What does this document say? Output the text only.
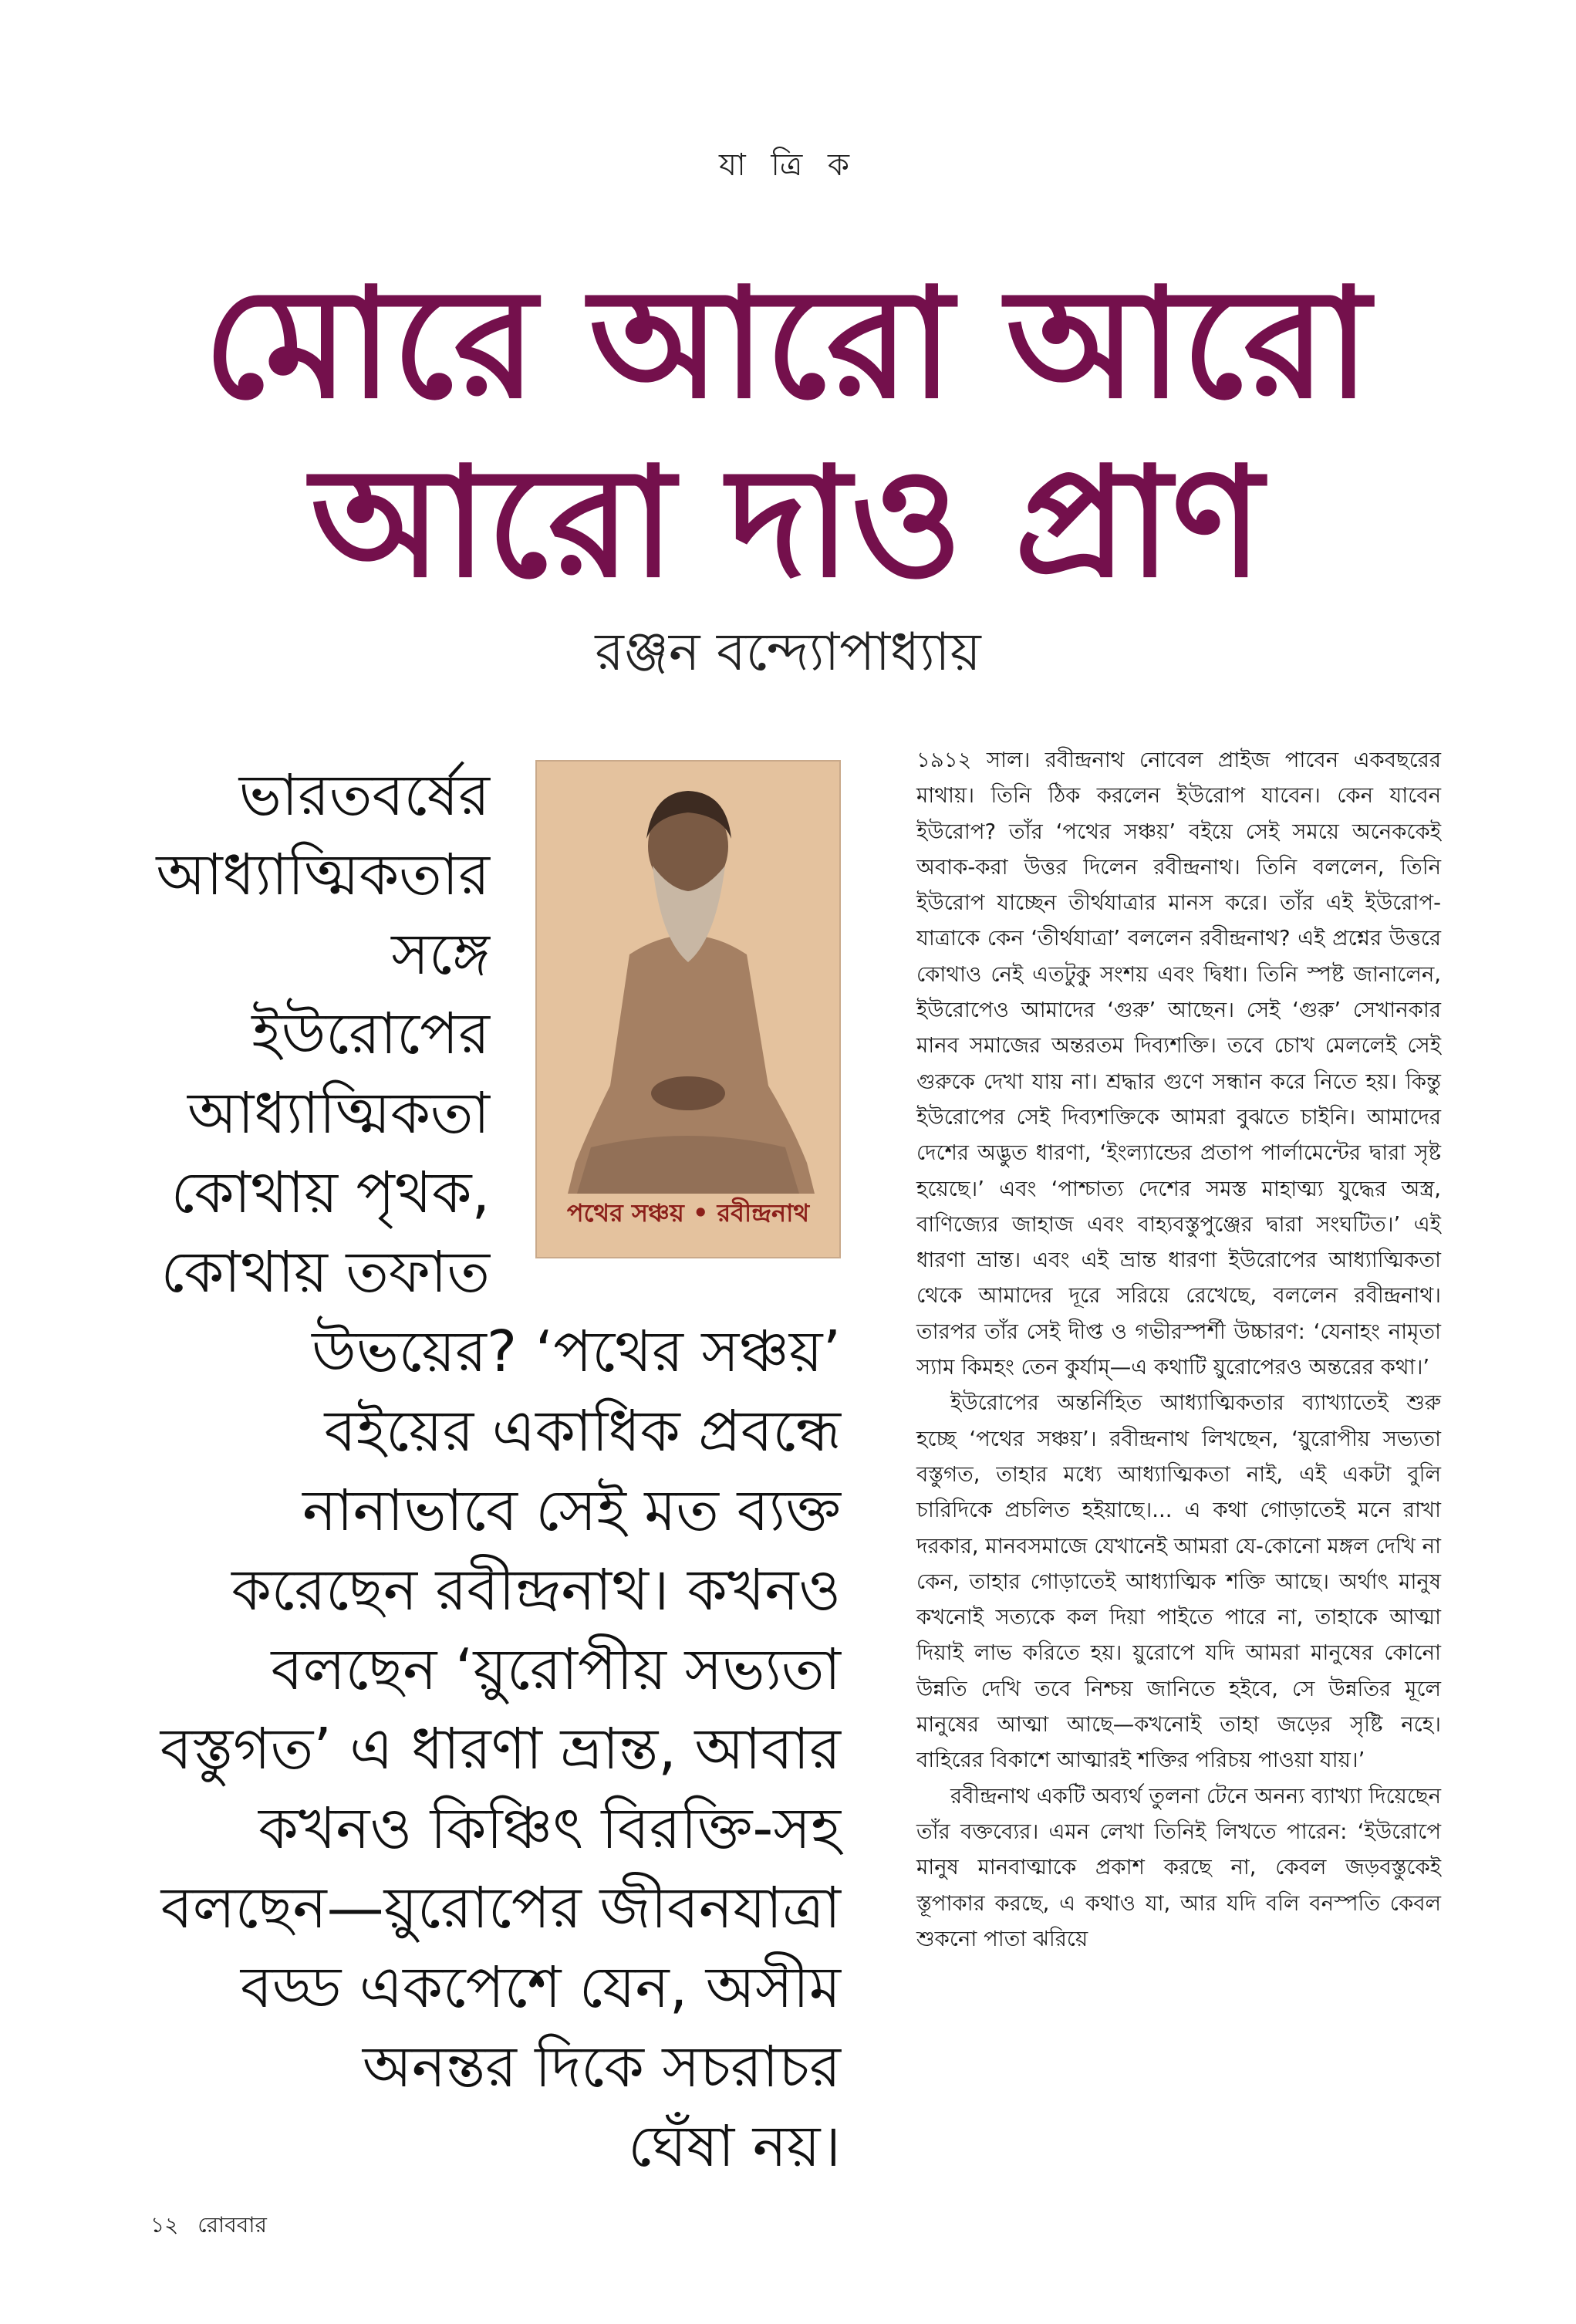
যা ত্রি ক
মোরে আরো আরো
আরো দাও প্রাণ
রঞ্জন বন্দ্যোপাধ্যায়
পথের সঞ্চয় • রবীন্দ্রনাথ
ভারতবর্ষের
আধ্যাত্মিকতার
সঙ্গে
ইউরোপের
আধ্যাত্মিকতা
কোথায় পৃথক,
কোথায় তফাত
উভয়ের? ‘পথের সঞ্চয়’
বইয়ের একাধিক প্রবন্ধে
নানাভাবে সেই মত ব্যক্ত
করেছেন রবীন্দ্রনাথ। কখনও
বলছেন ‘য়ুরোপীয় সভ্যতা
বস্তুগত’ এ ধারণা ভ্রান্ত, আবার
কখনও কিঞ্চিৎ বিরক্তি-সহ
বলছেন—য়ুরোপের জীবনযাত্রা
বড্ড একপেশে যেন, অসীম
অনন্তর দিকে সচরাচর
ঘেঁষা নয়।

১৯১২ সাল। রবীন্দ্রনাথ নোবেল প্রাইজ পাবেন একবছরের মাথায়। তিনি ঠিক করলেন ইউরোপ যাবেন। কেন যাবেন ইউরোপ? তাঁর ‘পথের সঞ্চয়’ বইয়ে সেই সময়ে অনেককেই অবাক-করা উত্তর দিলেন রবীন্দ্রনাথ। তিনি বললেন, তিনি ইউরোপ যাচ্ছেন তীর্থযাত্রার মানস করে। তাঁর এই ইউরোপ-যাত্রাকে কেন ‘তীর্থযাত্রা’ বললেন রবীন্দ্রনাথ? এই প্রশ্নের উত্তরে কোথাও নেই এতটুকু সংশয় এবং দ্বিধা। তিনি স্পষ্ট জানালেন, ইউরোপেও আমাদের ‘গুরু’ আছেন। সেই ‘গুরু’ সেখানকার মানব সমাজের অন্তরতম দিব্যশক্তি। তবে চোখ মেললেই সেই গুরুকে দেখা যায় না। শ্রদ্ধার গুণে সন্ধান করে নিতে হয়। কিন্তু ইউরোপের সেই দিব্যশক্তিকে আমরা বুঝতে চাইনি। আমাদের দেশের অদ্ভুত ধারণা, ‘ইংল্যান্ডের প্রতাপ পার্লামেন্টের দ্বারা সৃষ্ট হয়েছে।’ এবং ‘পাশ্চাত্য দেশের সমস্ত মাহাত্ম্য যুদ্ধের অস্ত্র, বাণিজ্যের জাহাজ এবং বাহ্যবস্তুপুঞ্জের দ্বারা সংঘটিত।’ এই ধারণা ভ্রান্ত। এবং এই ভ্রান্ত ধারণা ইউরোপের আধ্যাত্মিকতা থেকে আমাদের দূরে সরিয়ে রেখেছে, বললেন রবীন্দ্রনাথ। তারপর তাঁর সেই দীপ্ত ও গভীরস্পর্শী উচ্চারণ: ‘যেনাহং নামৃতা স্যাম কিমহং তেন কুর্যাম্—এ কথাটি য়ুরোপেরও অন্তরের কথা।’

ইউরোপের অন্তর্নিহিত আধ্যাত্মিকতার ব্যাখ্যাতেই শুরু হচ্ছে ‘পথের সঞ্চয়’। রবীন্দ্রনাথ লিখছেন, ‘য়ুরোপীয় সভ্যতা বস্তুগত, তাহার মধ্যে আধ্যাত্মিকতা নাই, এই একটা বুলি চারিদিকে প্রচলিত হইয়াছে।... এ কথা গোড়াতেই মনে রাখা দরকার, মানবসমাজে যেখানেই আমরা যে-কোনো মঙ্গল দেখি না কেন, তাহার গোড়াতেই আধ্যাত্মিক শক্তি আছে। অর্থাৎ মানুষ কখনোই সত্যকে কল দিয়া পাইতে পারে না, তাহাকে আত্মা দিয়াই লাভ করিতে হয়। য়ুরোপে যদি আমরা মানুষের কোনো উন্নতি দেখি তবে নিশ্চয় জানিতে হইবে, সে উন্নতির মূলে মানুষের আত্মা আছে—কখনোই তাহা জড়ের সৃষ্টি নহে। বাহিরের বিকাশে আত্মারই শক্তির পরিচয় পাওয়া যায়।’

রবীন্দ্রনাথ একটি অব্যর্থ তুলনা টেনে অনন্য ব্যাখ্যা দিয়েছেন তাঁর বক্তব্যের। এমন লেখা তিনিই লিখতে পারেন: ‘ইউরোপে মানুষ মানবাত্মাকে প্রকাশ করছে না, কেবল জড়বস্তুকেই স্তূপাকার করছে, এ কথাও যা, আর যদি বলি বনস্পতি কেবল শুকনো পাতা ঝরিয়ে

১২ রোববার
